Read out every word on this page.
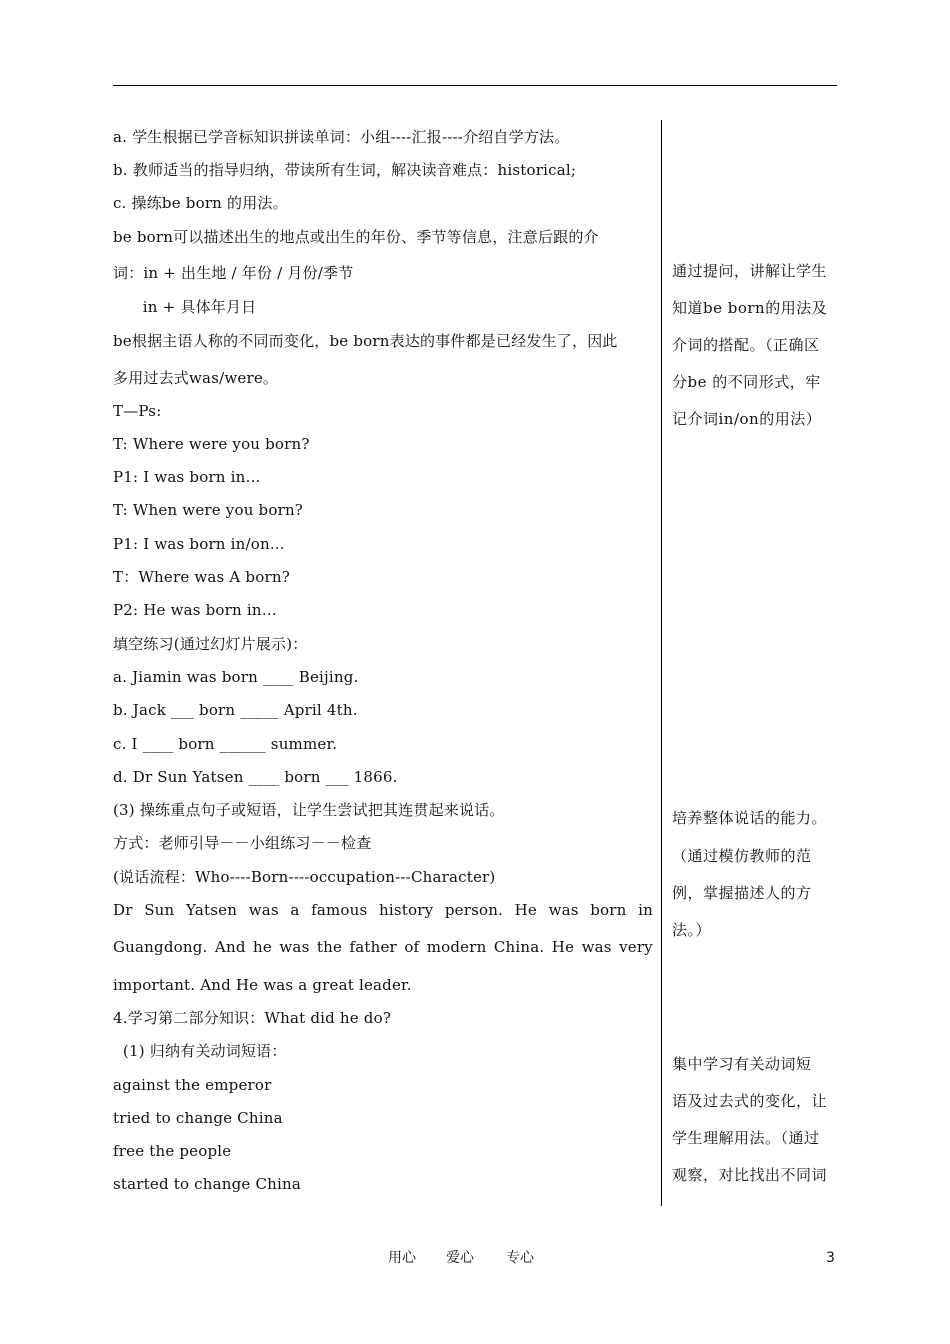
a. 学生根据已学音标知识拼读单词：小组----汇报----介绍自学方法。
b. 教师适当的指导归纳，带读所有生词，解决读音难点：historical;
c. 操练be born 的用法。
be born可以描述出生的地点或出生的年份、季节等信息，注意后跟的介
词：in + 出生地 / 年份 / 月份/季节
in + 具体年月日
be根据主语人称的不同而变化，be born表达的事件都是已经发生了，因此
多用过去式was/were。
T—Ps:
T: Where were you born?
P1: I was born in…
T: When were you born?
P1: I was born in/on...
T：Where was A born?
P2: He was born in…
填空练习(通过幻灯片展示)：
a. Jiamin was born ____ Beijing.
b. Jack ___ born _____ April 4th.
c. I ____ born ______ summer.
d. Dr Sun Yatsen ____ born ___ 1866.
(3) 操练重点句子或短语，让学生尝试把其连贯起来说话。
方式：老师引导－－小组练习－－检查
(说话流程：Who----Born----occupation---Character)
Dr Sun Yatsen was a famous history person. He was born in
Guangdong. And he was the father of modern China. He was very
important. And He was a great leader.
4.学习第二部分知识：What did he do?
(1) 归纳有关动词短语：
against the emperor
tried to change China
free the people
started to change China
通过提问，讲解让学生
知道be born的用法及
介词的搭配。（正确区
分be 的不同形式，牢
记介词in/on的用法）
培养整体说话的能力。
（通过模仿教师的范
例，掌握描述人的方
法。）
集中学习有关动词短
语及过去式的变化，让
学生理解用法。（通过
观察，对比找出不同词
用心 爱心 专心	3
